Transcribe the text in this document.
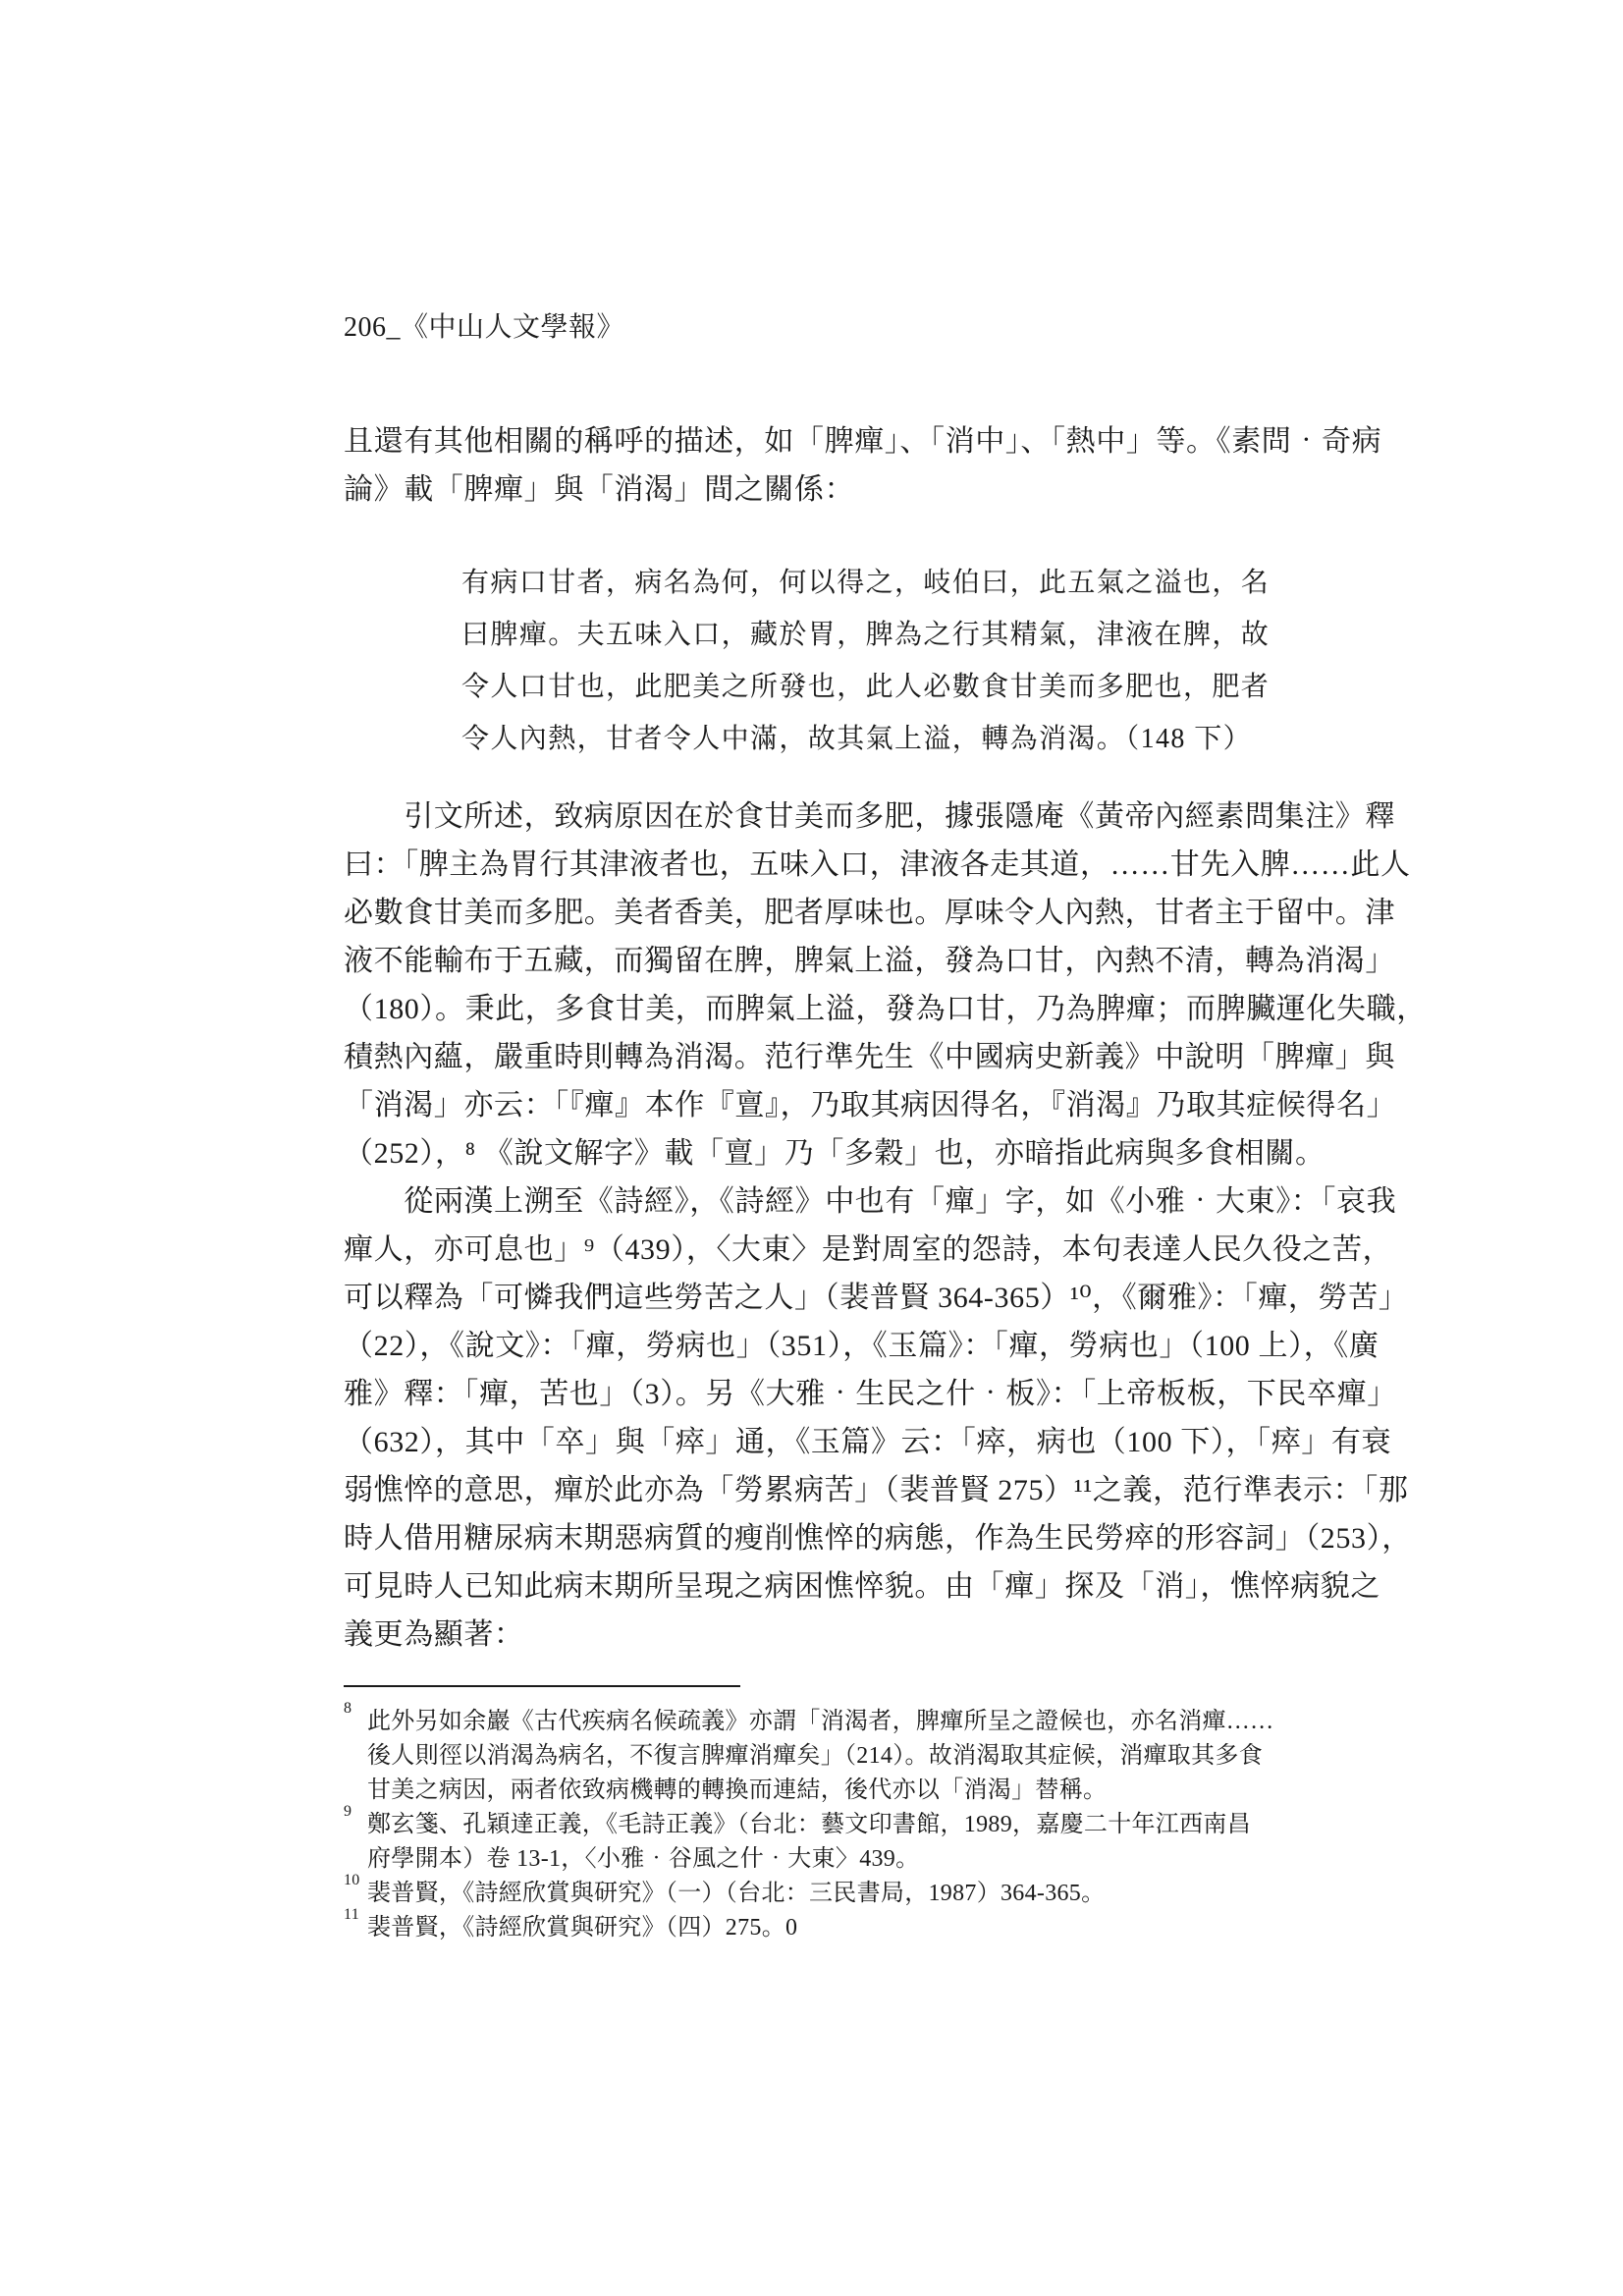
206_《中山人文學報》
且還有其他相關的稱呼的描述，如「脾癉」、「消中」、「熱中」等。《素問‧奇病
論》載「脾癉」與「消渴」間之關係：
有病口甘者，病名為何，何以得之，岐伯曰，此五氣之溢也，名
曰脾癉。夫五味入口，藏於胃，脾為之行其精氣，津液在脾，故
令人口甘也，此肥美之所發也，此人必數食甘美而多肥也，肥者
令人內熱，甘者令人中滿，故其氣上溢，轉為消渴。（148 下）
　　引文所述，致病原因在於食甘美而多肥，據張隱庵《黃帝內經素問集注》釋
曰：「脾主為胃行其津液者也，五味入口，津液各走其道，……甘先入脾……此人
必數食甘美而多肥。美者香美，肥者厚味也。厚味令人內熱，甘者主于留中。津
液不能輸布于五藏，而獨留在脾，脾氣上溢，發為口甘，內熱不清，轉為消渴」
（180）。秉此，多食甘美，而脾氣上溢，發為口甘，乃為脾癉；而脾臟運化失職，
積熱內蘊，嚴重時則轉為消渴。范行準先生《中國病史新義》中說明「脾癉」與
「消渴」亦云：「『癉』本作『亶』，乃取其病因得名，『消渴』乃取其症候得名」
（252），⁸ 《說文解字》載「亶」乃「多穀」也，亦暗指此病與多食相關。
　　從兩漢上溯至《詩經》，《詩經》中也有「癉」字，如《小雅‧大東》：「哀我
癉人，亦可息也」⁹（439），〈大東〉是對周室的怨詩，本句表達人民久役之苦，
可以釋為「可憐我們這些勞苦之人」（裴普賢 364-365）¹⁰，《爾雅》：「癉，勞苦」
（22），《說文》：「癉，勞病也」（351），《玉篇》：「癉，勞病也」（100 上），《廣
雅》釋：「癉，苦也」（3）。另《大雅‧生民之什‧板》：「上帝板板，下民卒癉」
（632），其中「卒」與「瘁」通，《玉篇》云：「瘁，病也（100 下），「瘁」有衰
弱憔悴的意思，癉於此亦為「勞累病苦」（裴普賢 275）¹¹之義，范行準表示：「那
時人借用糖尿病末期惡病質的瘦削憔悴的病態，作為生民勞瘁的形容詞」（253），
可見時人已知此病末期所呈現之病困憔悴貌。由「癉」探及「消」，憔悴病貌之
義更為顯著：
8
此外另如余巖《古代疾病名候疏義》亦謂「消渴者，脾癉所呈之證候也，亦名消癉……
後人則徑以消渴為病名，不復言脾癉消癉矣」（214）。故消渴取其症候，消癉取其多食
甘美之病因，兩者依致病機轉的轉換而連結，後代亦以「消渴」替稱。
9
鄭玄箋、孔穎達正義，《毛詩正義》（台北：藝文印書館，1989，嘉慶二十年江西南昌
府學開本）卷 13-1，〈小雅‧谷風之什‧大東〉439。
10
裴普賢，《詩經欣賞與研究》（一）（台北：三民書局，1987）364-365。
11
裴普賢，《詩經欣賞與研究》（四）275。0
